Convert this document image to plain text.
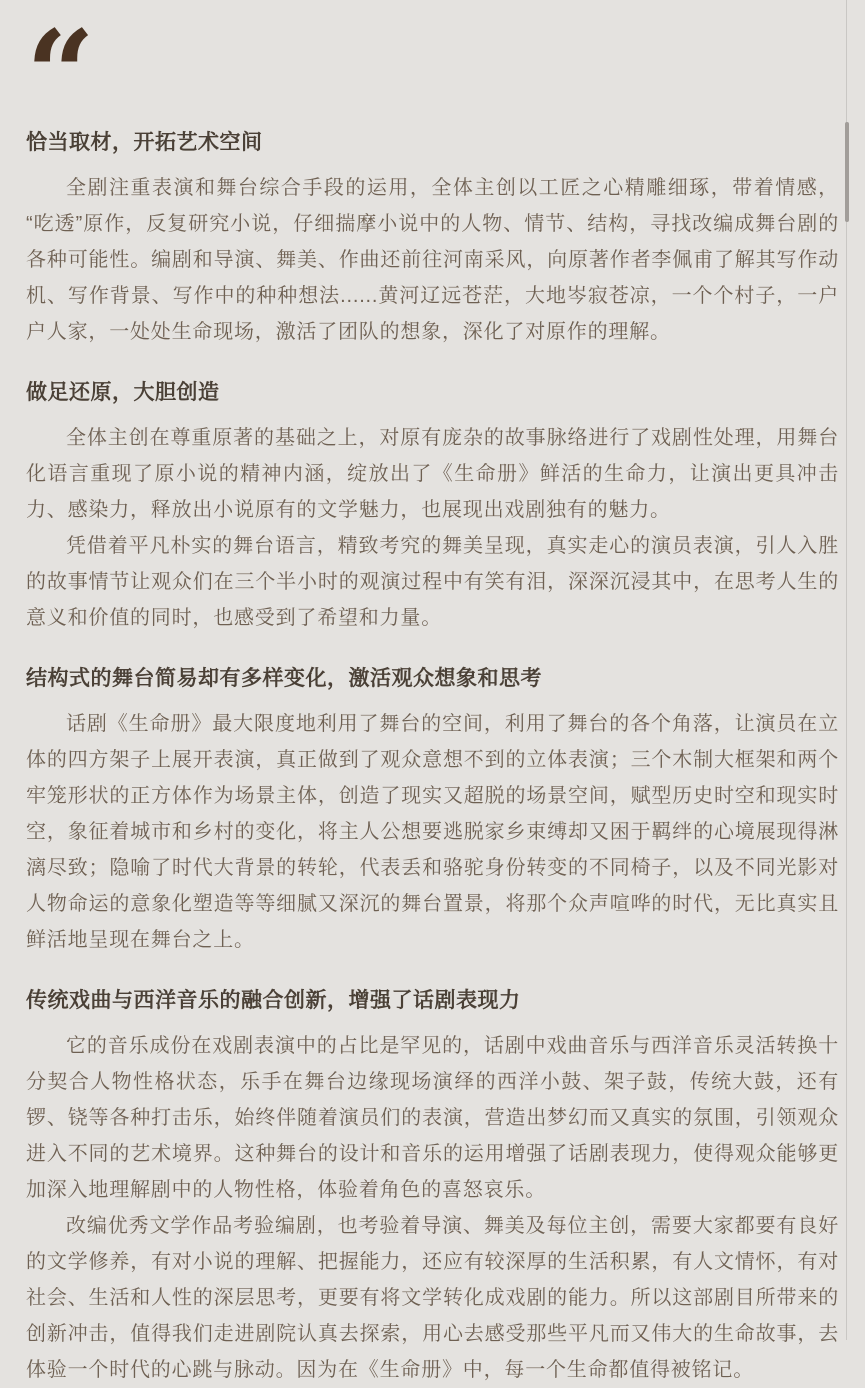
“
恰当取材，开拓艺术空间

全剧注重表演和舞台综合手段的运用，全体主创以工匠之心精雕细琢，带着情感，“吃透”原作，反复研究小说，仔细揣摩小说中的人物、情节、结构，寻找改编成舞台剧的各种可能性。编剧和导演、舞美、作曲还前往河南采风，向原著作者李佩甫了解其写作动机、写作背景、写作中的种种想法......黄河辽远苍茫，大地岑寂苍凉，一个个村子，一户户人家，一处处生命现场，激活了团队的想象，深化了对原作的理解。

做足还原，大胆创造

全体主创在尊重原著的基础之上，对原有庞杂的故事脉络进行了戏剧性处理，用舞台化语言重现了原小说的精神内涵，绽放出了《生命册》鲜活的生命力，让演出更具冲击力、感染力，释放出小说原有的文学魅力，也展现出戏剧独有的魅力。

凭借着平凡朴实的舞台语言，精致考究的舞美呈现，真实走心的演员表演，引人入胜的故事情节让观众们在三个半小时的观演过程中有笑有泪，深深沉浸其中，在思考人生的意义和价值的同时，也感受到了希望和力量。

结构式的舞台简易却有多样变化，激活观众想象和思考

话剧《生命册》最大限度地利用了舞台的空间，利用了舞台的各个角落，让演员在立体的四方架子上展开表演，真正做到了观众意想不到的立体表演；三个木制大框架和两个牢笼形状的正方体作为场景主体，创造了现实又超脱的场景空间，赋型历史时空和现实时空，象征着城市和乡村的变化，将主人公想要逃脱家乡束缚却又困于羁绊的心境展现得淋漓尽致；隐喻了时代大背景的转轮，代表丢和骆驼身份转变的不同椅子，以及不同光影对人物命运的意象化塑造等等细腻又深沉的舞台置景，将那个众声喧哗的时代，无比真实且鲜活地呈现在舞台之上。

传统戏曲与西洋音乐的融合创新，增强了话剧表现力

它的音乐成份在戏剧表演中的占比是罕见的，话剧中戏曲音乐与西洋音乐灵活转换十分契合人物性格状态，乐手在舞台边缘现场演绎的西洋小鼓、架子鼓，传统大鼓，还有锣、铙等各种打击乐，始终伴随着演员们的表演，营造出梦幻而又真实的氛围，引领观众进入不同的艺术境界。这种舞台的设计和音乐的运用增强了话剧表现力，使得观众能够更加深入地理解剧中的人物性格，体验着角色的喜怒哀乐。

改编优秀文学作品考验编剧，也考验着导演、舞美及每位主创，需要大家都要有良好的文学修养，有对小说的理解、把握能力，还应有较深厚的生活积累，有人文情怀，有对社会、生活和人性的深层思考，更要有将文学转化成戏剧的能力。所以这部剧目所带来的创新冲击，值得我们走进剧院认真去探索，用心去感受那些平凡而又伟大的生命故事，去体验一个时代的心跳与脉动。因为在《生命册》中，每一个生命都值得被铭记。
